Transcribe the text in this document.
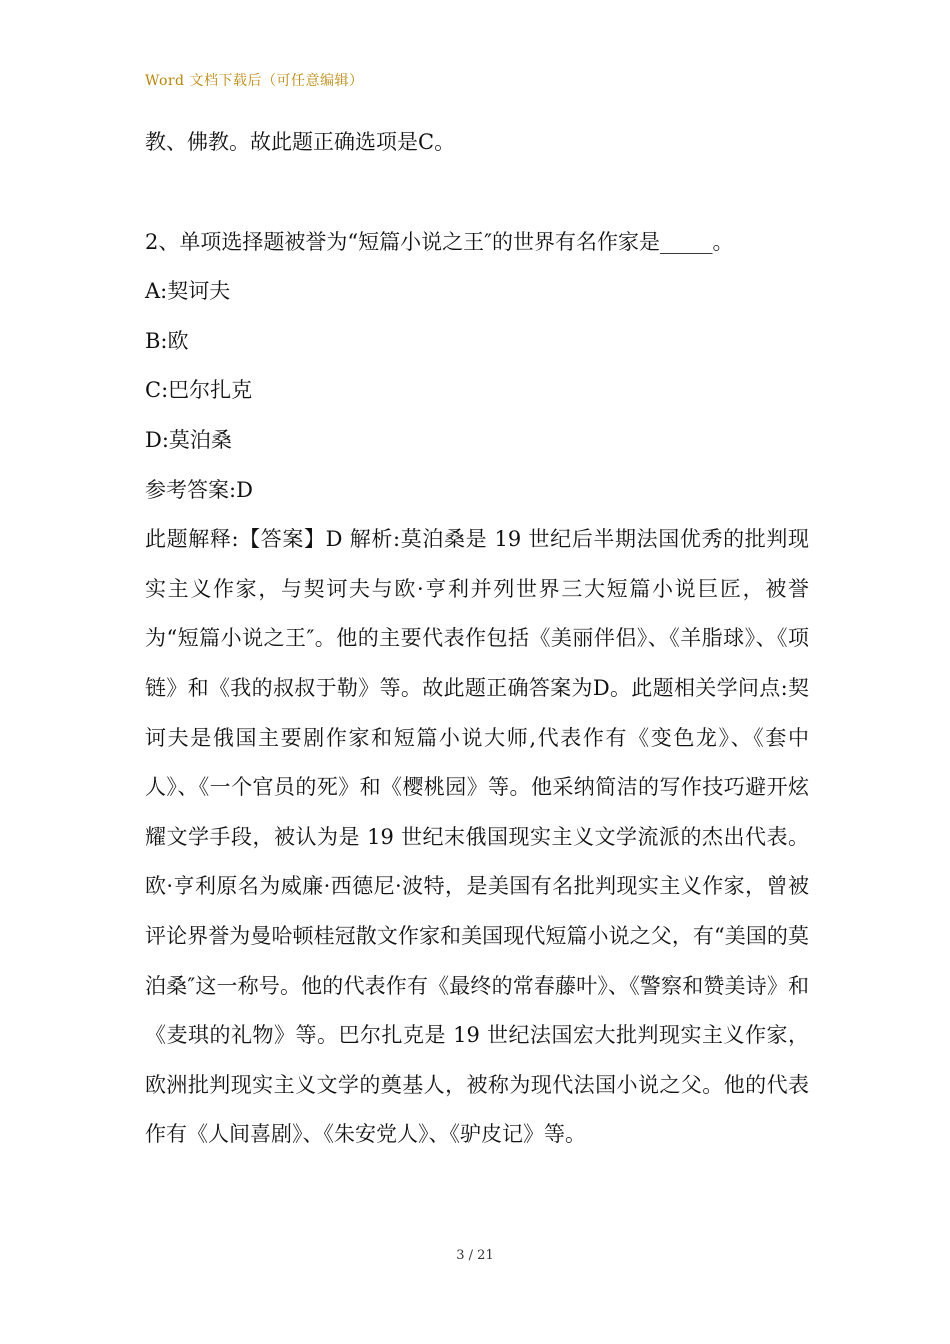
Word 文档下载后（可任意编辑）

教、佛教。故此题正确选项是C。

2、单项选择题被誉为“短篇小说之王″的世界有名作家是_____。

A:契诃夫

B:欧

C:巴尔扎克

D:莫泊桑

参考答案:D

此题解释:【答案】D 解析:莫泊桑是 19 世纪后半期法国优秀的批判现实主义作家，与契诃夫与欧·亨利并列世界三大短篇小说巨匠，被誉为“短篇小说之王″。他的主要代表作包括《美丽伴侣》、《羊脂球》、《项链》和《我的叔叔于勒》等。故此题正确答案为D。此题相关学问点:契诃夫是俄国主要剧作家和短篇小说大师,代表作有《变色龙》、《套中人》、《一个官员的死》和《樱桃园》等。他采纳简洁的写作技巧避开炫耀文学手段，被认为是 19 世纪末俄国现实主义文学流派的杰出代表。欧·亨利原名为威廉·西德尼·波特，是美国有名批判现实主义作家，曾被评论界誉为曼哈顿桂冠散文作家和美国现代短篇小说之父，有“美国的莫泊桑″这一称号。他的代表作有《最终的常春藤叶》、《警察和赞美诗》和《麦琪的礼物》等。巴尔扎克是 19 世纪法国宏大批判现实主义作家，欧洲批判现实主义文学的奠基人，被称为现代法国小说之父。他的代表作有《人间喜剧》、《朱安党人》、《驴皮记》等。

3 / 21
